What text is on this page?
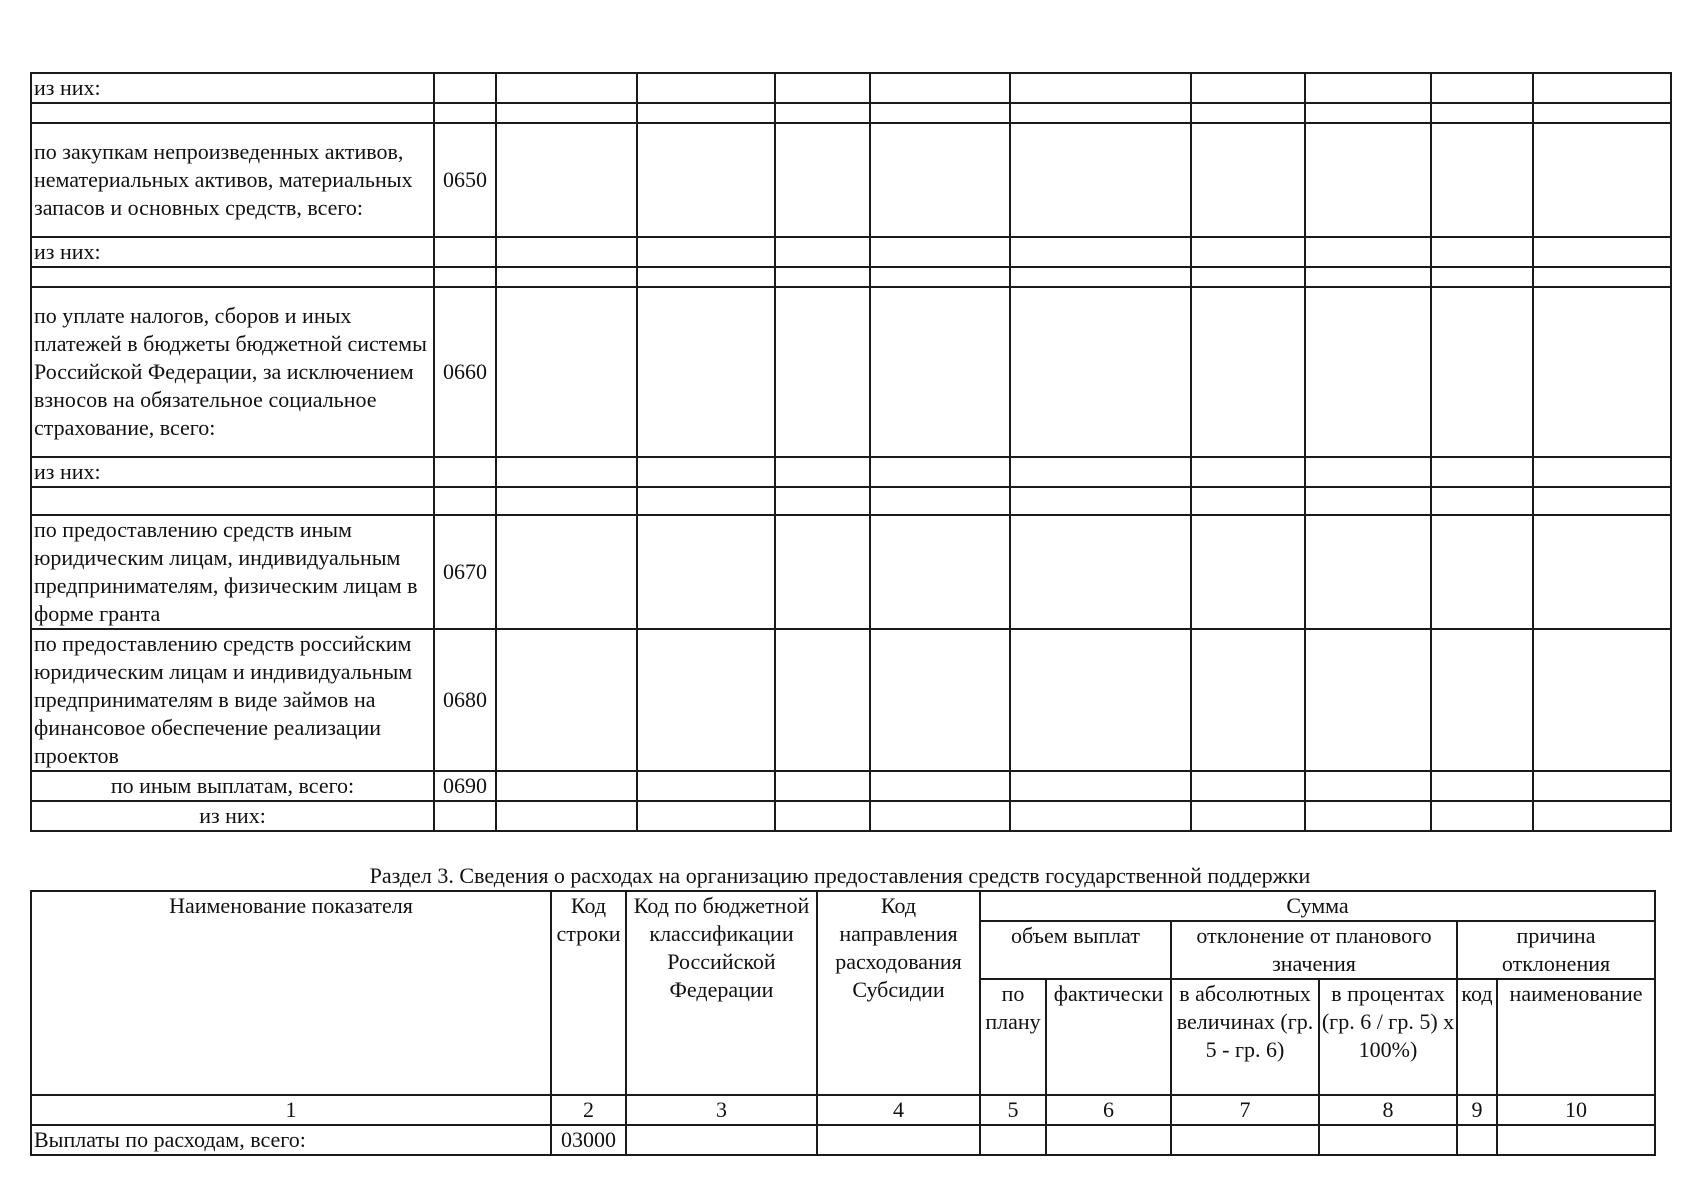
из них:										

по закупкам непроизведенных активов, нематериальных активов, материальных запасов и основных средств, всего:	0650									
из них:										

по уплате налогов, сборов и иных платежей в бюджеты бюджетной системы Российской Федерации, за исключением взносов на обязательное социальное страхование, всего:	0660									
из них:										

по предоставлению средств иным юридическим лицам, индивидуальным предпринимателям, физическим лицам в форме гранта	0670									
по предоставлению средств российским юридическим лицам и индивидуальным предпринимателям в виде займов на финансовое обеспечение реализации проектов	0680									
по иным выплатам, всего:	0690									
из них:										
Раздел 3. Сведения о расходах на организацию предоставления средств государственной поддержки
Наименование показателя	Код строки	Код по бюджетной классификации Российской Федерации	Код направления расходования Субсидии	Сумма					
				объем выплат		отклонение от планового значения		причина отклонения	
				по плану	фактически	в абсолютных величинах (гр. 5 - гр. 6)	в процентах (гр. 6 / гр. 5) x 100%)	код	наименование
1	2	3	4	5	6	7	8	9	10
Выплаты по расходам, всего:	03000								
